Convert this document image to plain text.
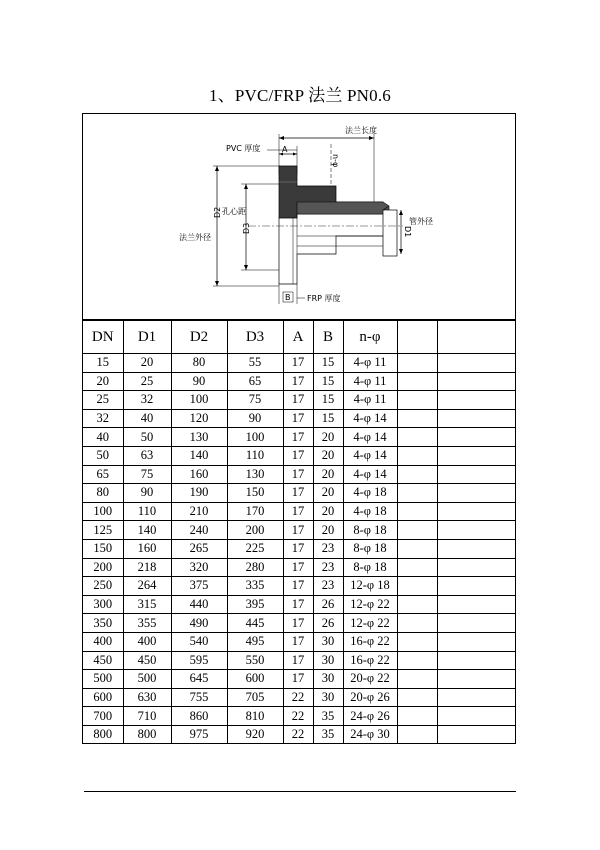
1、PVC/FRP 法兰 PN0.6
法兰长度
PVC 厚度	A
n-φ
D2
D3
孔心距
法兰外径
D1
管外径
B FRP 厚度
DN	D1	D2	D3	A	B	n-φ		
15	20	80	55	17	15	4-φ 11		
20	25	90	65	17	15	4-φ 11		
25	32	100	75	17	15	4-φ 11		
32	40	120	90	17	15	4-φ 14		
40	50	130	100	17	20	4-φ 14		
50	63	140	110	17	20	4-φ 14		
65	75	160	130	17	20	4-φ 14		
80	90	190	150	17	20	4-φ 18		
100	110	210	170	17	20	4-φ 18		
125	140	240	200	17	20	8-φ 18		
150	160	265	225	17	23	8-φ 18		
200	218	320	280	17	23	8-φ 18		
250	264	375	335	17	23	12-φ 18		
300	315	440	395	17	26	12-φ 22		
350	355	490	445	17	26	12-φ 22		
400	400	540	495	17	30	16-φ 22		
450	450	595	550	17	30	16-φ 22		
500	500	645	600	17	30	20-φ 22		
600	630	755	705	22	30	20-φ 26		
700	710	860	810	22	35	24-φ 26		
800	800	975	920	22	35	24-φ 30		
